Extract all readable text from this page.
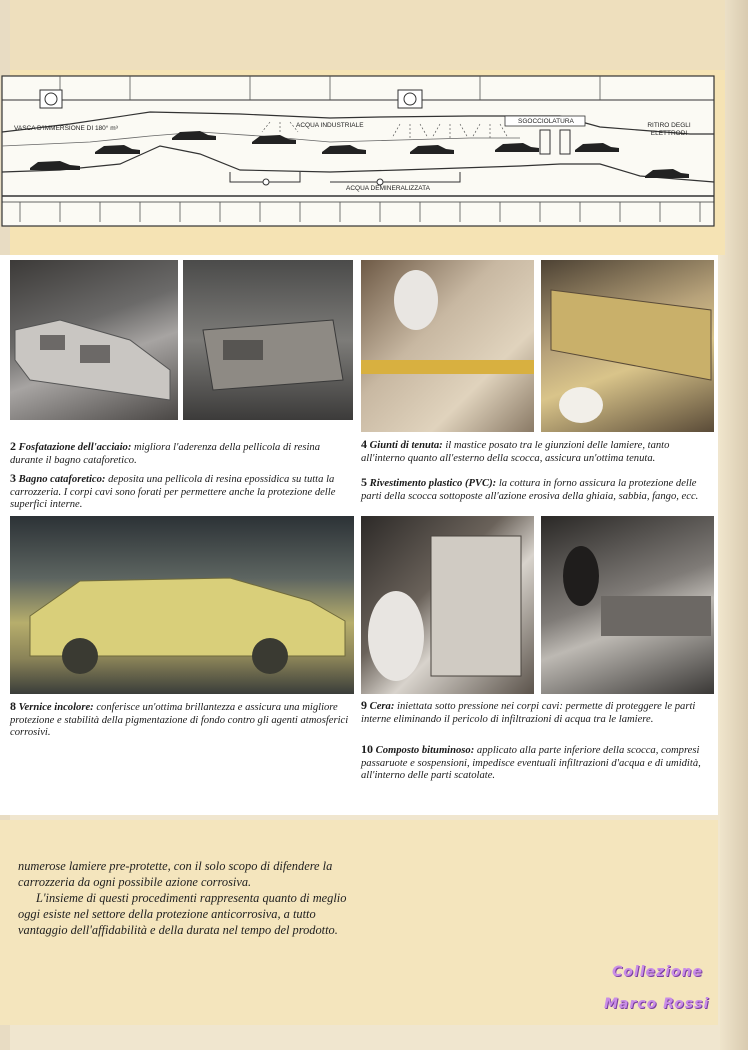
VASCA D'IMMERSIONE DI 180° m³	ACQUA INDUSTRIALE
SGOCCIOLATURA
ACQUA DEMINERALIZZATA
RITIRO DEGLI ELETTRODI
2 Fosfatazione dell'acciaio: migliora l'aderenza della pellicola di resina durante il bagno cataforetico.
3 Bagno cataforetico: deposita una pellicola di resina epossidica su tutta la carrozzeria. I corpi cavi sono forati per permettere anche la protezione delle superfici interne.
4 Giunti di tenuta: il mastice posato tra le giunzioni delle lamiere, tanto all'interno quanto all'esterno della scocca, assicura un'ottima tenuta.
5 Rivestimento plastico (PVC): la cottura in forno assicura la protezione delle parti della scocca sottoposte all'azione erosiva della ghiaia, sabbia, fango, ecc.
8 Vernice incolore: conferisce un'ottima brillantezza e assicura una migliore protezione e stabilità della pigmentazione di fondo contro gli agenti atmosferici corrosivi.
9 Cera: iniettata sotto pressione nei corpi cavi: permette di proteggere le parti interne eliminando il pericolo di infiltrazioni di acqua tra le lamiere.
10 Composto bituminoso: applicato alla parte inferiore della scocca, compresi passaruote e sospensioni, impedisce eventuali infiltrazioni d'acqua e di umidità, all'interno delle parti scatolate.

numerose lamiere pre-protette, con il solo scopo di difendere la carrozzeria da ogni possibile azione corrosiva.

L'insieme di questi procedimenti rappresenta quanto di meglio oggi esiste nel settore della protezione anticorrosiva, a tutto vantaggio dell'affidabilità e della durata nel tempo del prodotto.

Collezione
Marco Rossi
